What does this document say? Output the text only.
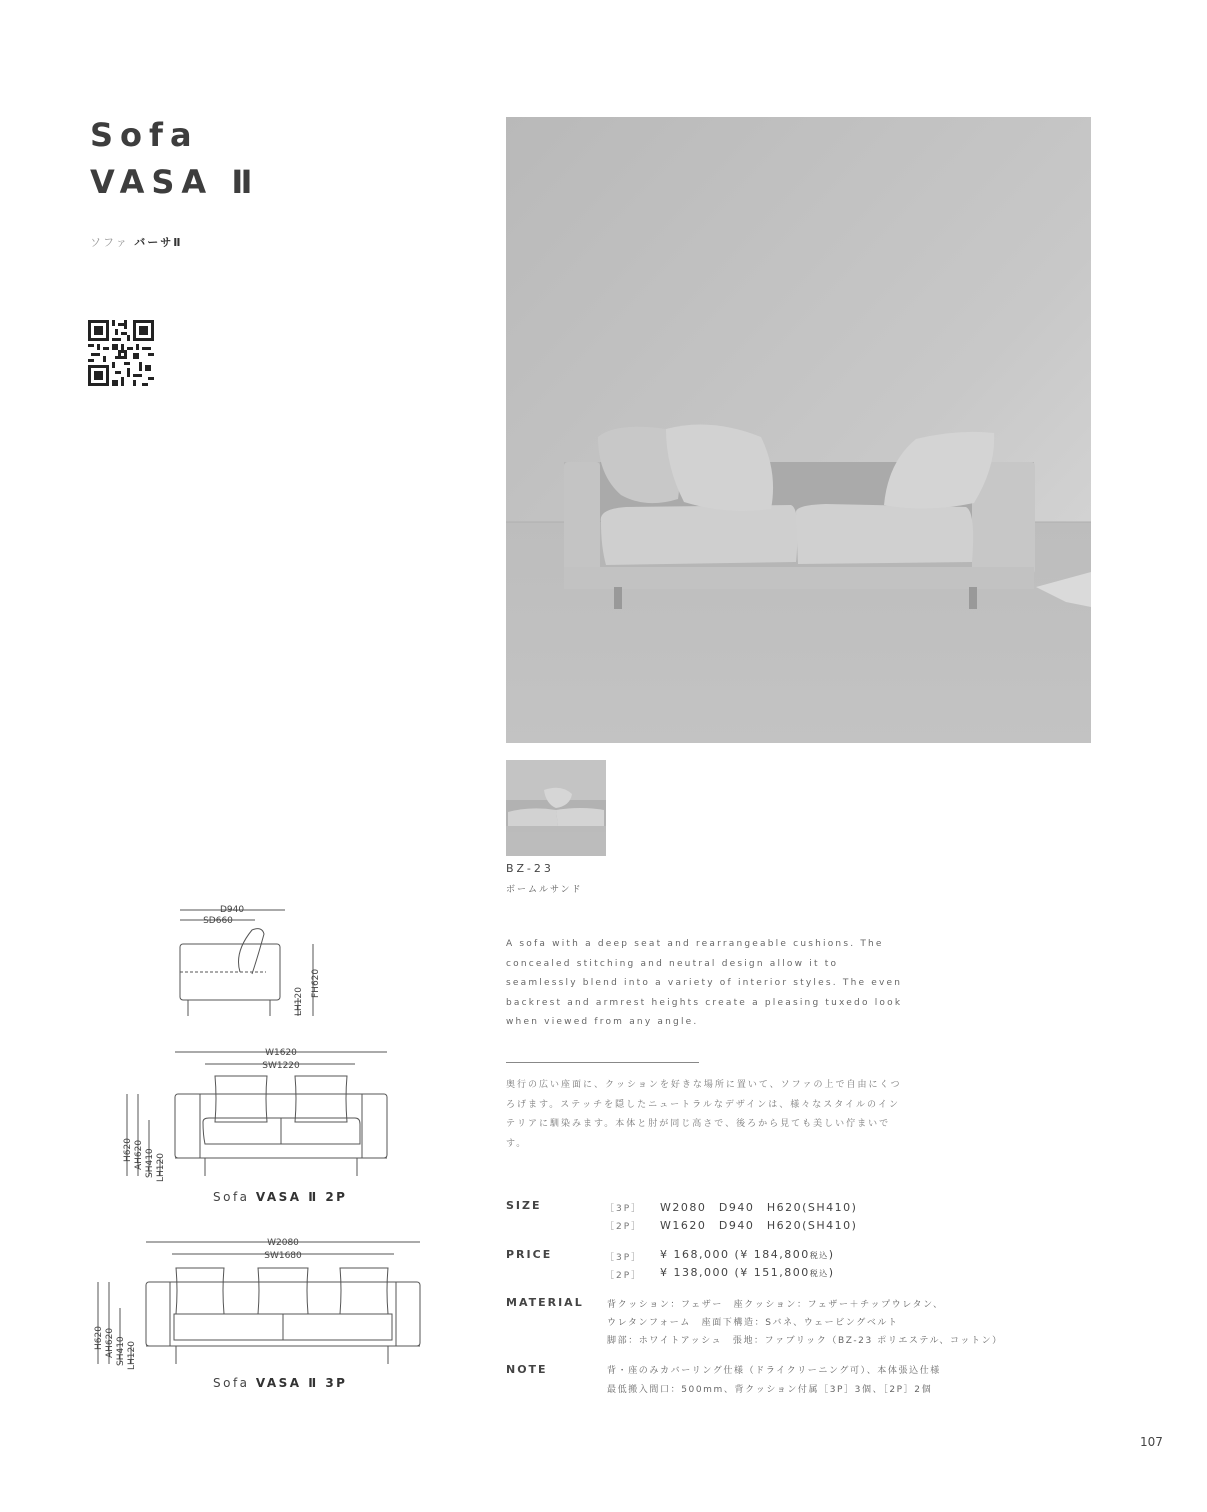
Sofa
VASA Ⅱ
ソファ バーサⅡ
BZ-23
ボームルサンド
A sofa with a deep seat and rearrangeable cushions. The concealed stitching and neutral design allow it to seamlessly blend into a variety of interior styles. The even backrest and armrest heights create a pleasing tuxedo look when viewed from any angle.
奥行の広い座面に、クッションを好きな場所に置いて、ソファの上で自由にくつろげます。ステッチを隠したニュートラルなデザインは、様々なスタイルのインテリアに馴染みます。本体と肘が同じ高さで、後ろから見ても美しい佇まいです。
SIZE	［3P］ W2080　D940　H620(SH410)
［2P］ W1620　D940　H620(SH410)
PRICE	［3P］ ¥ 168,000 (¥ 184,800税込)
［2P］ ¥ 138,000 (¥ 151,800税込)
MATERIAL	背クッション：フェザー　座クッション：フェザー＋チップウレタン、
ウレタンフォーム　座面下構造：Sバネ、ウェービングベルト
脚部：ホワイトアッシュ　張地：ファブリック（BZ-23 ポリエステル、コットン）
NOTE	背・座のみカバーリング仕様（ドライクリーニング可）、本体張込仕様
最低搬入間口：500mm、背クッション付属［3P］3個、［2P］2個
D940
SD660
FH620
LH120
W1620
SW1220
H620 AH620 SH410 LH120
Sofa VASA Ⅱ 2P
W2080
SW1680
H620 AH620 SH410 LH120
Sofa VASA Ⅱ 3P
107
